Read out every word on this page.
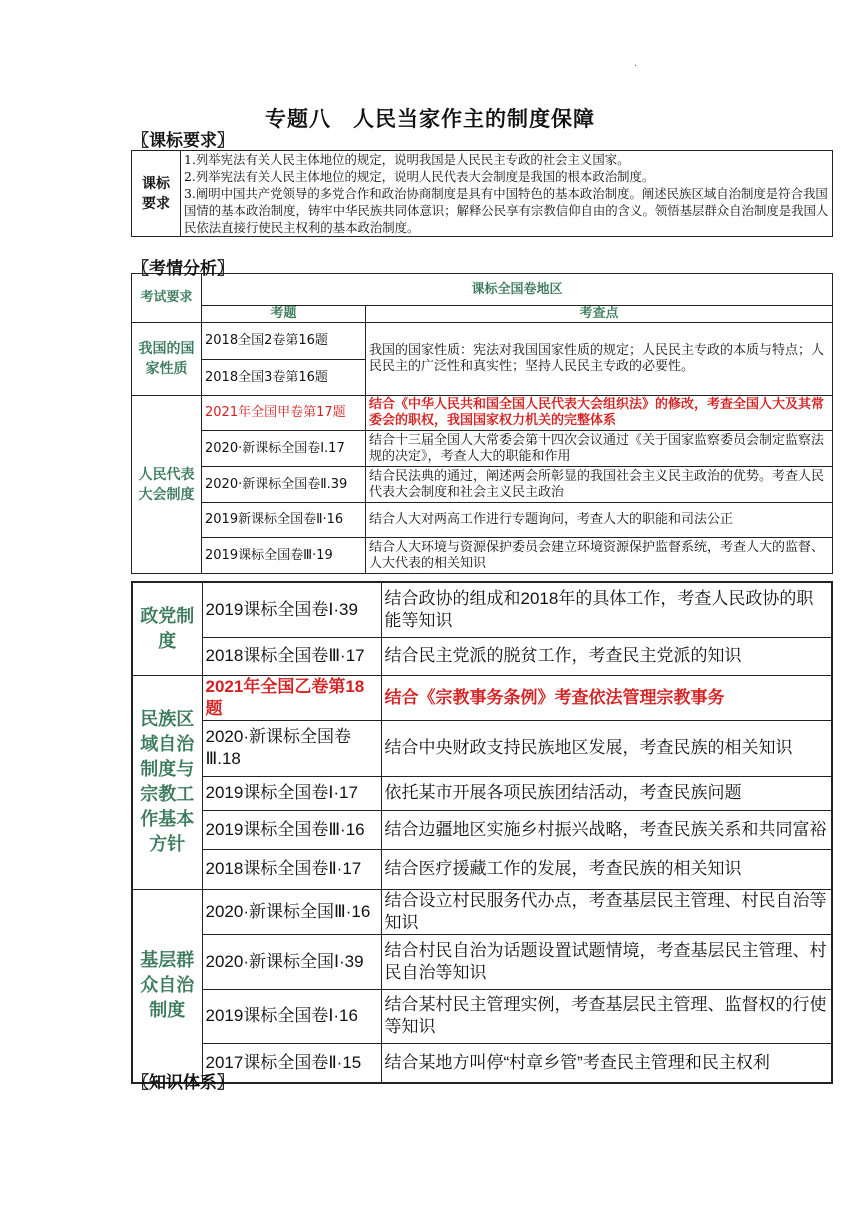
.
专题八 人民当家作主的制度保障
〖课标要求〗
课标
要求	
1.列举宪法有关人民主体地位的规定，说明我国是人民民主专政的社会主义国家。
2.列举宪法有关人民主体地位的规定，说明人民代表大会制度是我国的根本政治制度。
3.阐明中国共产党领导的多党合作和政治协商制度是具有中国特色的基本政治制度。阐述民族区域自治制度是符合我国国情的基本政治制度，铸牢中华民族共同体意识；解释公民享有宗教信仰自由的含义。领悟基层群众自治制度是我国人民依法直接行使民主权利的基本政治制度。
〖考情分析〗
考试要求	课标全国卷地区	
	考题	考查点
我国的国家性质	2018全国2卷第16题	我国的国家性质：宪法对我国国家性质的规定；人民民主专政的本质与特点；人民民主的广泛性和真实性；坚持人民民主专政的必要性。
	2018全国3卷第16题	
人民代表大会制度	2021年全国甲卷第17题	结合《中华人民共和国全国人民代表大会组织法》的修改，考查全国人大及其常委会的职权，我国国家权力机关的完整体系
	2020·新课标全国卷Ⅰ.17	结合十三届全国人大常委会第十四次会议通过《关于国家监察委员会制定监察法规的决定》，考查人大的职能和作用
	2020·新课标全国卷Ⅱ.39	结合民法典的通过，阐述两会所彰显的我国社会主义民主政治的优势。考查人民代表大会制度和社会主义民主政治
	2019新课标全国卷Ⅱ·16	结合人大对两高工作进行专题询问，考查人大的职能和司法公正
	2019课标全国卷Ⅲ·19	结合人大环境与资源保护委员会建立环境资源保护监督系统，考查人大的监督、人大代表的相关知识
政党制度	2019课标全国卷Ⅰ·39	结合政协的组成和2018年的具体工作，考查人民政协的职能等知识
	2018课标全国卷Ⅲ·17	结合民主党派的脱贫工作，考查民主党派的知识
民族区域自治制度与宗教工作基本方针	2021年全国乙卷第18题	结合《宗教事务条例》考查依法管理宗教事务
	2020·新课标全国卷Ⅲ.18	结合中央财政支持民族地区发展，考查民族的相关知识
	2019课标全国卷Ⅰ·17	依托某市开展各项民族团结活动，考查民族问题
	2019课标全国卷Ⅲ·16	结合边疆地区实施乡村振兴战略，考查民族关系和共同富裕
	2018课标全国卷Ⅱ·17	结合医疗援藏工作的发展，考查民族的相关知识
基层群众自治制度	2020·新课标全国Ⅲ·16	结合设立村民服务代办点，考查基层民主管理、村民自治等知识
	2020·新课标全国Ⅰ·39	结合村民自治为话题设置试题情境，考查基层民主管理、村民自治等知识
	2019课标全国卷Ⅰ·16	结合某村民主管理实例，考查基层民主管理、监督权的行使等知识
	2017课标全国卷Ⅱ·15	结合某地方叫停“村章乡管”考查民主管理和民主权利
〖知识体系〗
